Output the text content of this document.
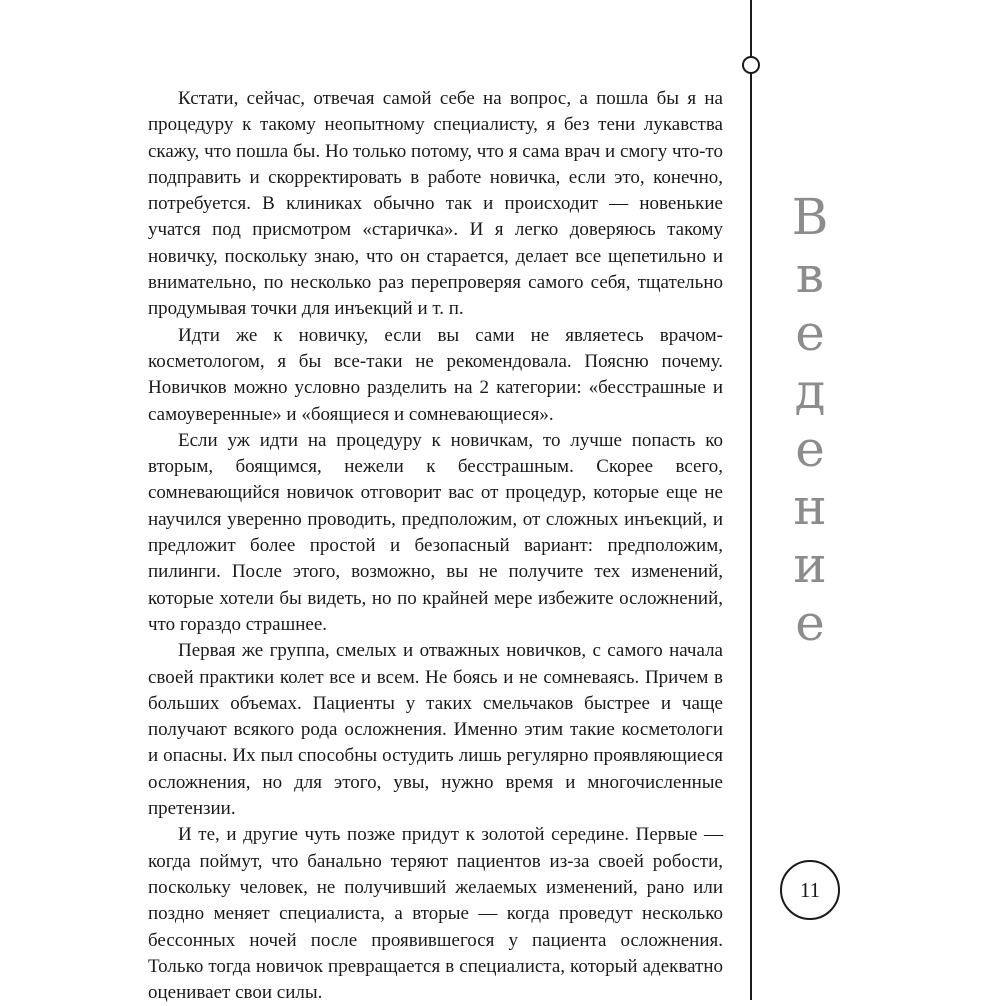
Кстати, сейчас, отвечая самой себе на вопрос, а пошла бы я на процедуру к такому неопытному специалисту, я без тени лукавства скажу, что пошла бы. Но только потому, что я сама врач и смогу что-то подправить и скорректировать в работе новичка, если это, конечно, потребуется. В клиниках обычно так и происходит — новенькие учатся под присмотром «старичка». И я легко доверяюсь такому новичку, поскольку знаю, что он старается, делает все щепетильно и внимательно, по несколько раз перепроверяя самого себя, тщательно продумывая точки для инъекций и т. п.

Идти же к новичку, если вы сами не являетесь врачом-косметологом, я бы все-таки не рекомендовала. Поясню почему. Новичков можно условно разделить на 2 категории: «бесстрашные и самоуверенные» и «боящиеся и сомневающиеся».

Если уж идти на процедуру к новичкам, то лучше попасть ко вторым, боящимся, нежели к бесстрашным. Скорее всего, сомневающийся новичок отговорит вас от процедур, которые еще не научился уверенно проводить, предположим, от сложных инъекций, и предложит более простой и безопасный вариант: предположим, пилинги. После этого, возможно, вы не получите тех изменений, которые хотели бы видеть, но по крайней мере избежите осложнений, что гораздо страшнее.

Первая же группа, смелых и отважных новичков, с самого начала своей практики колет все и всем. Не боясь и не сомневаясь. Причем в больших объемах. Пациенты у таких смельчаков быстрее и чаще получают всякого рода осложнения. Именно этим такие косметологи и опасны. Их пыл способны остудить лишь регулярно проявляющиеся осложнения, но для этого, увы, нужно время и многочисленные претензии.

И те, и другие чуть позже придут к золотой середине. Первые — когда поймут, что банально теряют пациентов из-за своей робости, поскольку человек, не получивший желаемых изменений, рано или поздно меняет специалиста, а вторые — когда проведут несколько бессонных ночей после проявившегося у пациента осложнения. Только тогда новичок превращается в специалиста, который адекватно оценивает свои силы.

В
в
е
д
е
н
и
е
11
